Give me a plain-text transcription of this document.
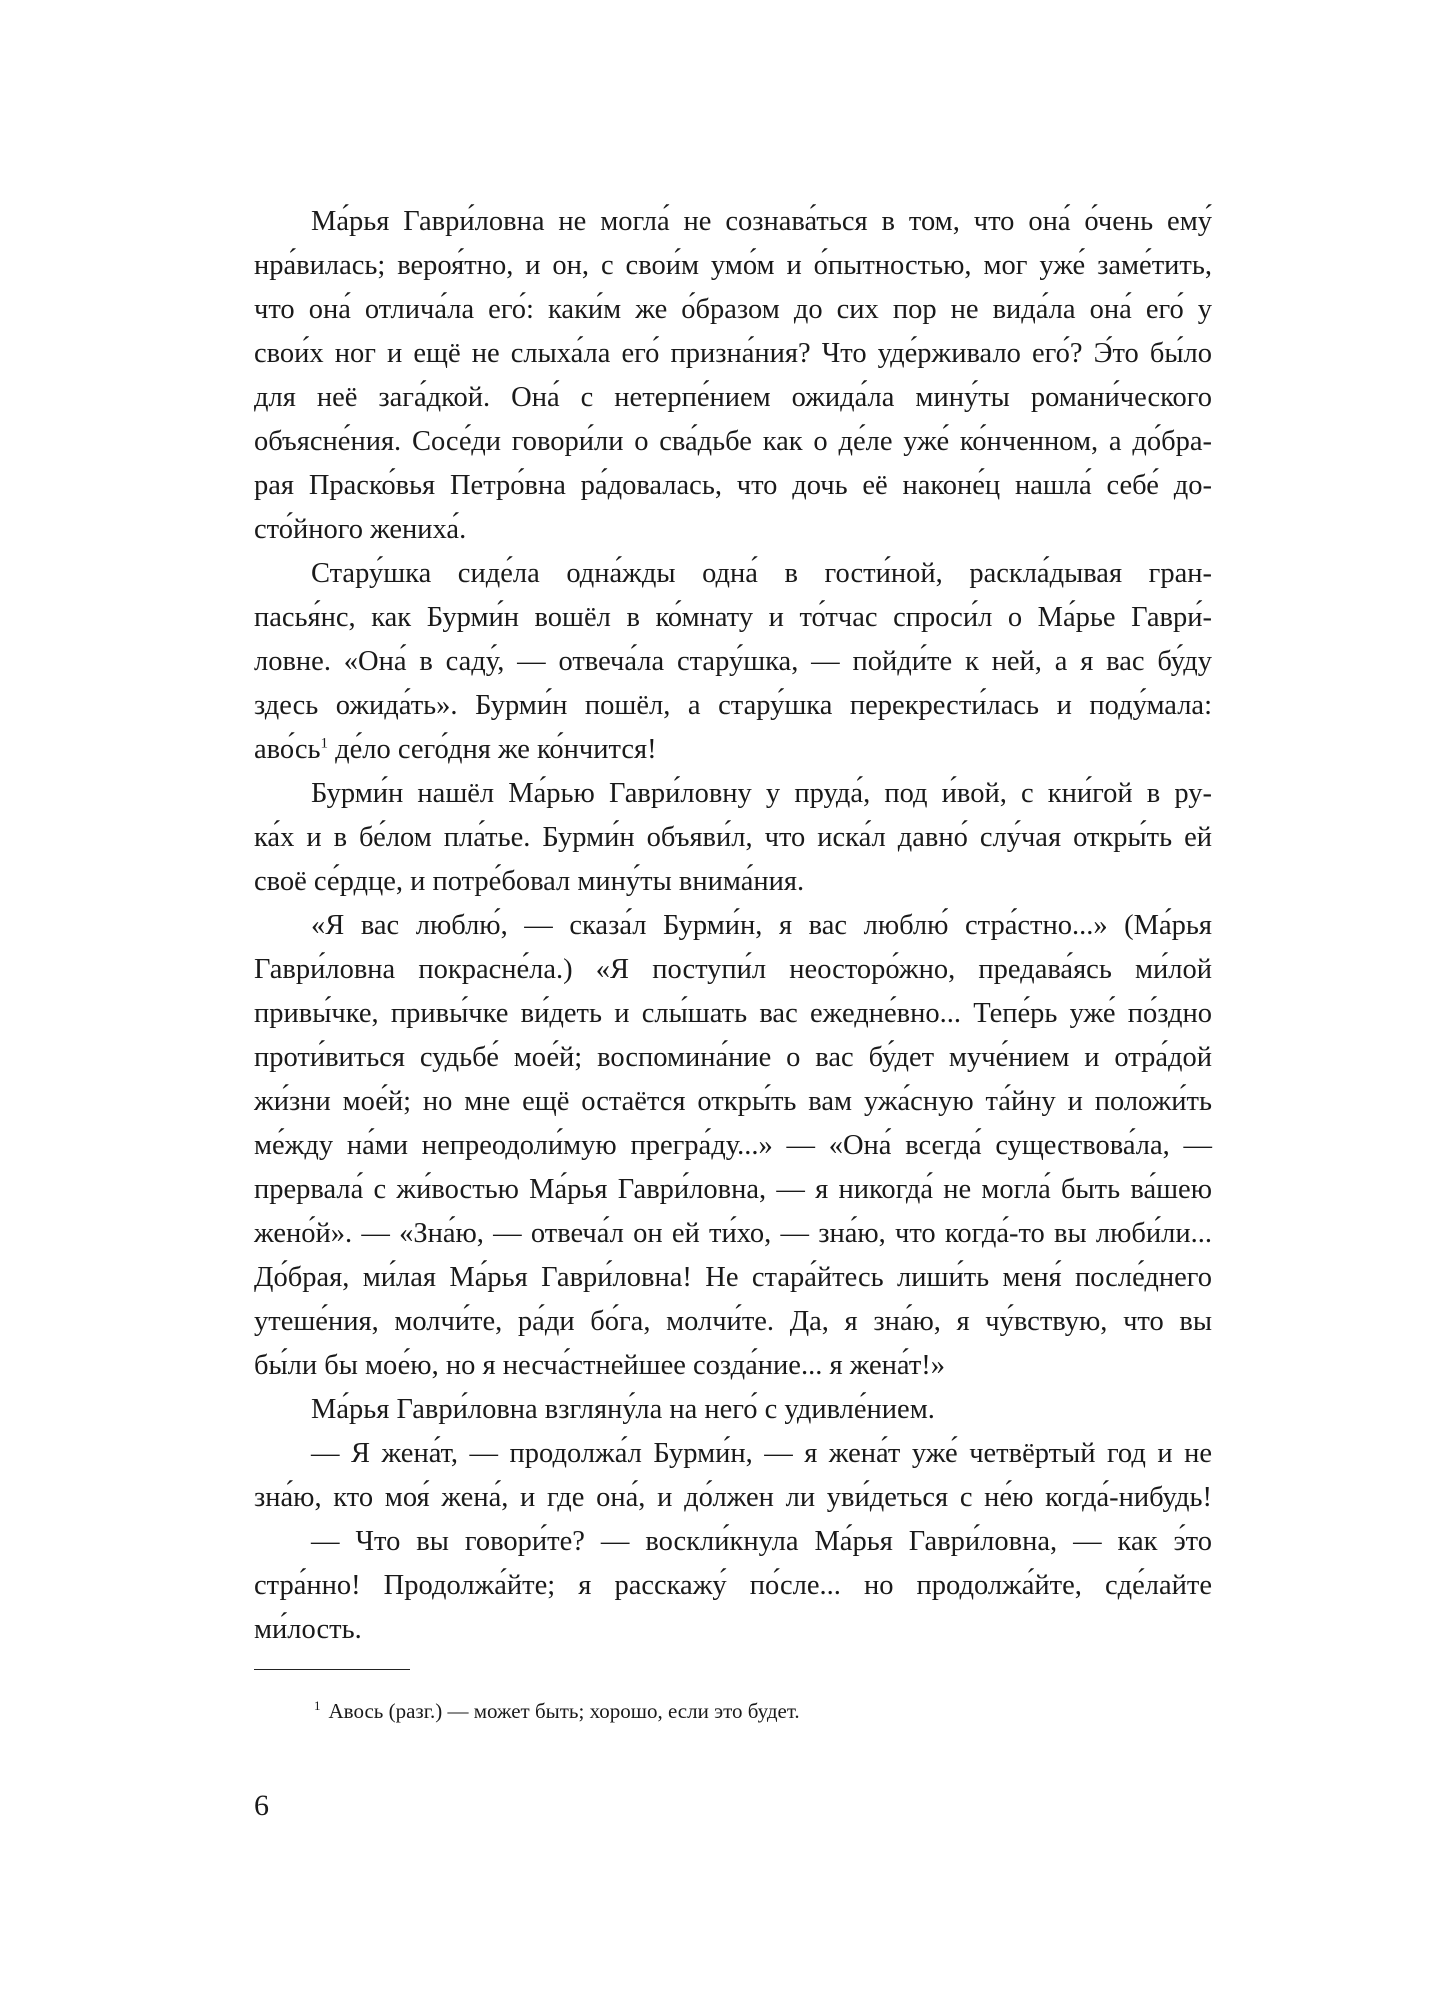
Ма́рья Гаври́ловна не могла́ не сознава́ться в том, что она́ о́чень ему́
нра́вилась; вероя́тно, и он, с свои́м умо́м и о́пытностью, мог уже́ заме́тить,
что она́ отлича́ла его́: каки́м же о́бразом до сих пор не вида́ла она́ его́ у
свои́х ног и ещё не слыха́ла его́ призна́ния? Что уде́рживало его́? Э́то бы́ло
для неё зага́дкой. Она́ с нетерпе́нием ожида́ла мину́ты романи́ческого
объясне́ния. Сосе́ди говори́ли о сва́дьбе как о де́ле уже́ ко́нченном, а до́бра-
рая Праско́вья Петро́вна ра́довалась, что дочь её наконе́ц нашла́ себе́ до-
сто́йного жениха́.
Стару́шка сиде́ла одна́жды одна́ в гости́ной, раскла́дывая гран-
пасья́нс, как Бурми́н вошёл в ко́мнату и то́тчас спроси́л о Ма́рье Гаври́-
ловне. «Она́ в саду́, — отвеча́ла стару́шка, — пойди́те к ней, а я вас бу́ду
здесь ожида́ть». Бурми́н пошёл, а стару́шка перекрести́лась и поду́мала:
аво́сь$^1$ де́ло сего́дня же ко́нчится!
Бурми́н нашёл Ма́рью Гаври́ловну у пруда́, под и́вой, с кни́гой в ру-
ка́х и в бе́лом пла́тье. Бурми́н объяви́л, что иска́л давно́ слу́чая откры́ть ей
своё се́рдце, и потре́бовал мину́ты внима́ния.
«Я вас люблю́, — сказа́л Бурми́н, я вас люблю́ стра́стно...» (Ма́рья
Гаври́ловна покрасне́ла.) «Я поступи́л неосторо́жно, предава́ясь ми́лой
привы́чке, привы́чке ви́деть и слы́шать вас ежедне́вно... Тепе́рь уже́ по́здно
проти́виться судьбе́ мое́й; воспомина́ние о вас бу́дет муче́нием и отра́дой
жи́зни мое́й; но мне ещё остаётся откры́ть вам ужа́сную та́йну и положи́ть
ме́жду на́ми непреодоли́мую прегра́ду...» — «Она́ всегда́ существова́ла, —
прервала́ с жи́востью Ма́рья Гаври́ловна, — я никогда́ не могла́ быть ва́шею
жено́й». — «Зна́ю, — отвеча́л он ей ти́хо, — зна́ю, что когда́-то вы люби́ли...
До́брая, ми́лая Ма́рья Гаври́ловна! Не стара́йтесь лиши́ть меня́ после́днего
утеше́ния, молчи́те, ра́ди бо́га, молчи́те. Да, я зна́ю, я чу́вствую, что вы
бы́ли бы мое́ю, но я несча́стнейшее созда́ние... я жена́т!»
Ма́рья Гаври́ловна взгляну́ла на него́ с удивле́нием.
— Я жена́т, — продолжа́л Бурми́н, — я жена́т уже́ четвёртый год и не
зна́ю, кто моя́ жена́, и где она́, и до́лжен ли уви́деться с не́ю когда́-нибудь!
— Что вы говори́те? — воскли́кнула Ма́рья Гаври́ловна, — как э́то
стра́нно! Продолжа́йте; я расскажу́ по́сле... но продолжа́йте, сде́лайте
ми́лость.
$^1$ Авось (разг.) — может быть; хорошо, если это будет.
6
